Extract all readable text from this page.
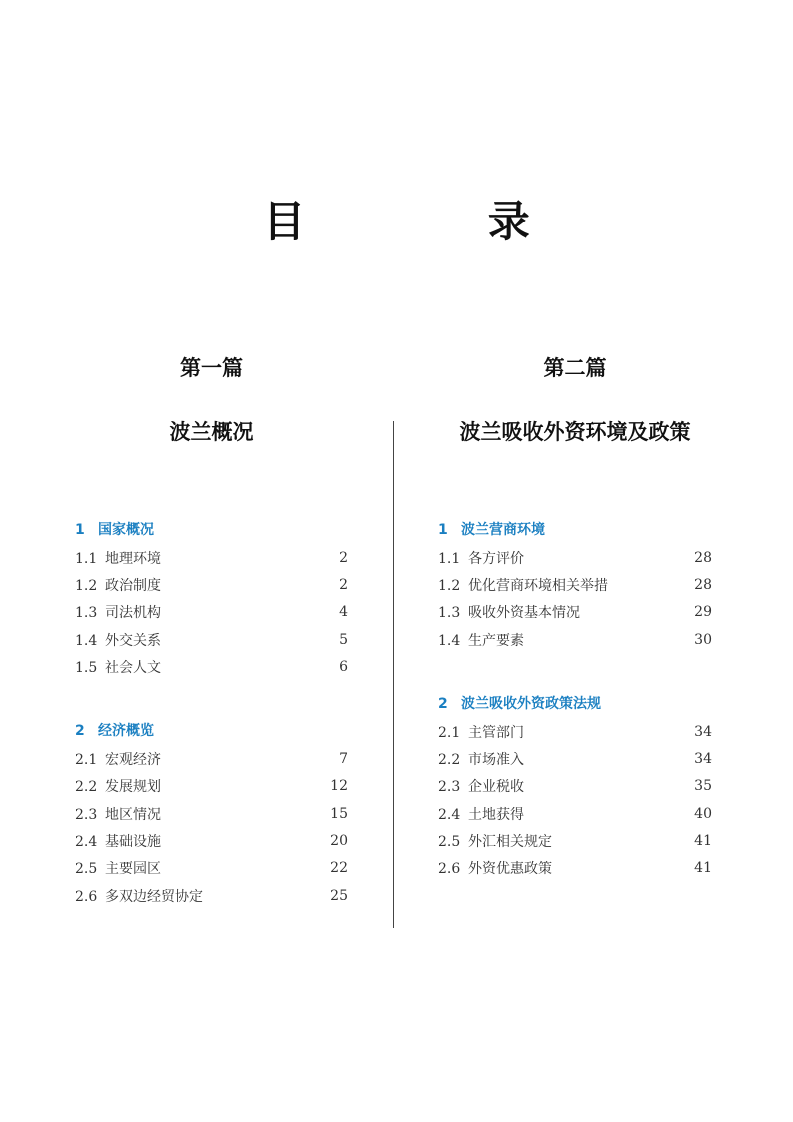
目 录
第一篇
波兰概况
1 国家概况
1.1 地理环境	2
1.2 政治制度	2
1.3 司法机构	4
1.4 外交关系	5
1.5 社会人文	6
2 经济概览
2.1 宏观经济	7
2.2 发展规划	12
2.3 地区情况	15
2.4 基础设施	20
2.5 主要园区	22
2.6 多双边经贸协定	25
第二篇
波兰吸收外资环境及政策
1 波兰营商环境
1.1 各方评价	28
1.2 优化营商环境相关举措	28
1.3 吸收外资基本情况	29
1.4 生产要素	30
2 波兰吸收外资政策法规
2.1 主管部门	34
2.2 市场准入	34
2.3 企业税收	35
2.4 土地获得	40
2.5 外汇相关规定	41
2.6 外资优惠政策	41
